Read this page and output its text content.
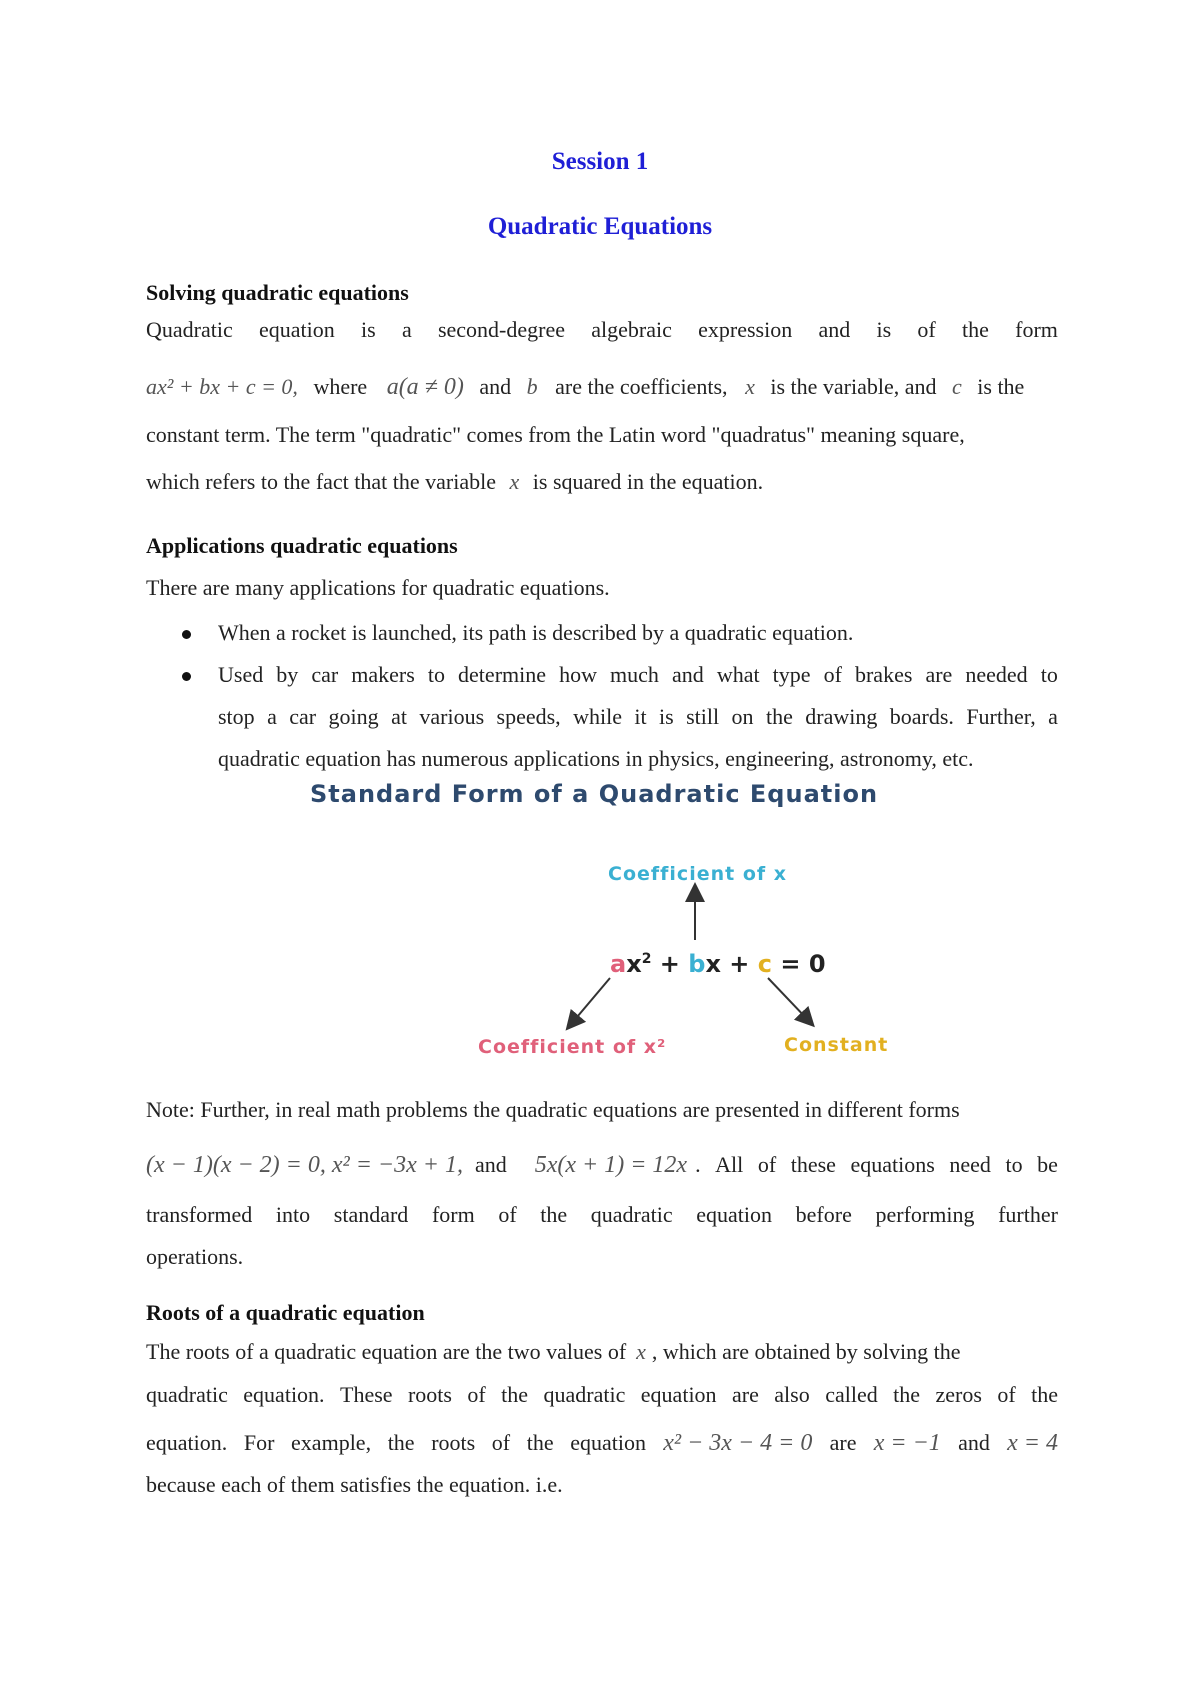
Session 1
Quadratic Equations
Solving quadratic equations
Quadratic equation is a second-degree algebraic expression and is of the form
ax² + bx + c = 0, where a(a ≠ 0) and b are the coefficients, x is the variable, and c is the
constant term. The term "quadratic" comes from the Latin word "quadratus" meaning square,
which refers to the fact that the variable x is squared in the equation.
Applications quadratic equations
There are many applications for quadratic equations.
When a rocket is launched, its path is described by a quadratic equation.
Used by car makers to determine how much and what type of brakes are needed to
stop a car going at various speeds, while it is still on the drawing boards. Further, a
quadratic equation has numerous applications in physics, engineering, astronomy, etc.
Standard Form of a Quadratic Equation
Coefficient of x
$ax^2$ + bx + c = 0
Coefficient of x²	Constant
Note: Further, in real math problems the quadratic equations are presented in different forms
(x − 1)(x − 2) = 0, x² = −3x + 1, and 5x(x + 1) = 12x . All of these equations need to be
transformed into standard form of the quadratic equation before performing further
operations.
Roots of a quadratic equation
The roots of a quadratic equation are the two values of x , which are obtained by solving the
quadratic equation. These roots of the quadratic equation are also called the zeros of the
equation. For example, the roots of the equation x² − 3x − 4 = 0 are x = −1 and x = 4
because each of them satisfies the equation. i.e.
